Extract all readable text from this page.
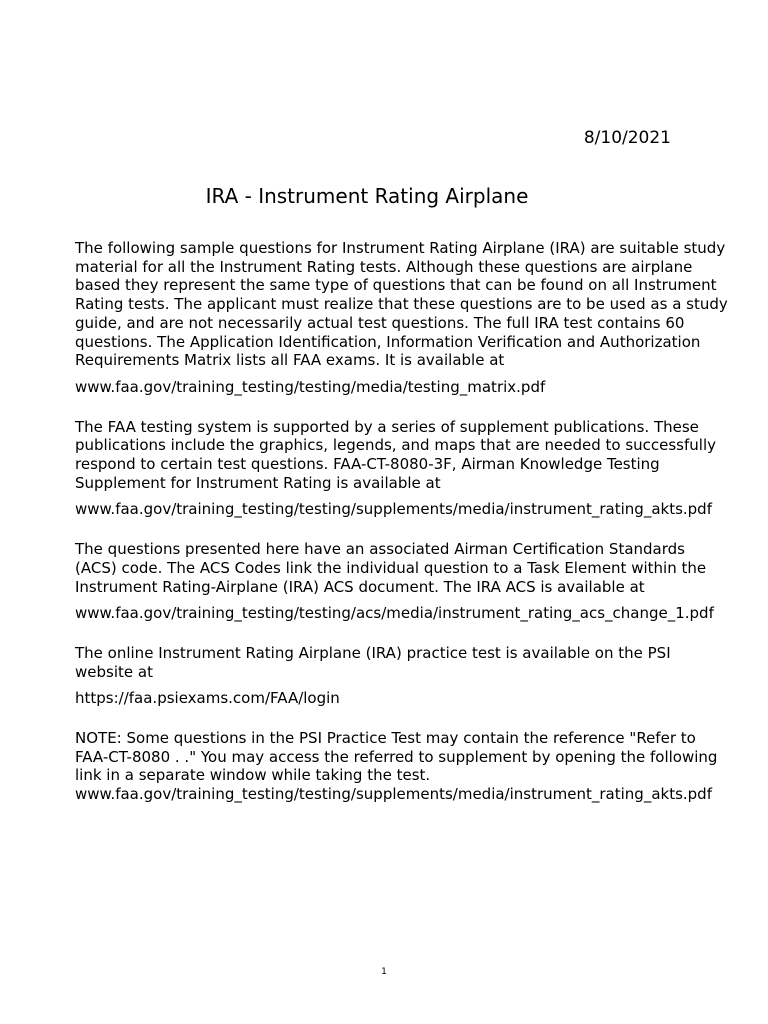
8/10/2021
IRA - Instrument Rating Airplane

The following sample questions for Instrument Rating Airplane (IRA) are suitable study
material for all the Instrument Rating tests. Although these questions are airplane
based they represent the same type of questions that can be found on all Instrument
Rating tests. The applicant must realize that these questions are to be used as a study
guide, and are not necessarily actual test questions. The full IRA test contains 60
questions. The Application Identification, Information Verification and Authorization
Requirements Matrix lists all FAA exams. It is available at

www.faa.gov/training_testing/testing/media/testing_matrix.pdf

The FAA testing system is supported by a series of supplement publications. These
publications include the graphics, legends, and maps that are needed to successfully
respond to certain test questions. FAA-CT-8080-3F, Airman Knowledge Testing
Supplement for Instrument Rating is available at

www.faa.gov/training_testing/testing/supplements/media/instrument_rating_akts.pdf

The questions presented here have an associated Airman Certification Standards
(ACS) code. The ACS Codes link the individual question to a Task Element within the
Instrument Rating-Airplane (IRA) ACS document. The IRA ACS is available at

www.faa.gov/training_testing/testing/acs/media/instrument_rating_acs_change_1.pdf

The online Instrument Rating Airplane (IRA) practice test is available on the PSI
website at

https://faa.psiexams.com/FAA/login

NOTE: Some questions in the PSI Practice Test may contain the reference "Refer to
FAA-CT-8080 . ." You may access the referred to supplement by opening the following
link in a separate window while taking the test.

www.faa.gov/training_testing/testing/supplements/media/instrument_rating_akts.pdf

1
